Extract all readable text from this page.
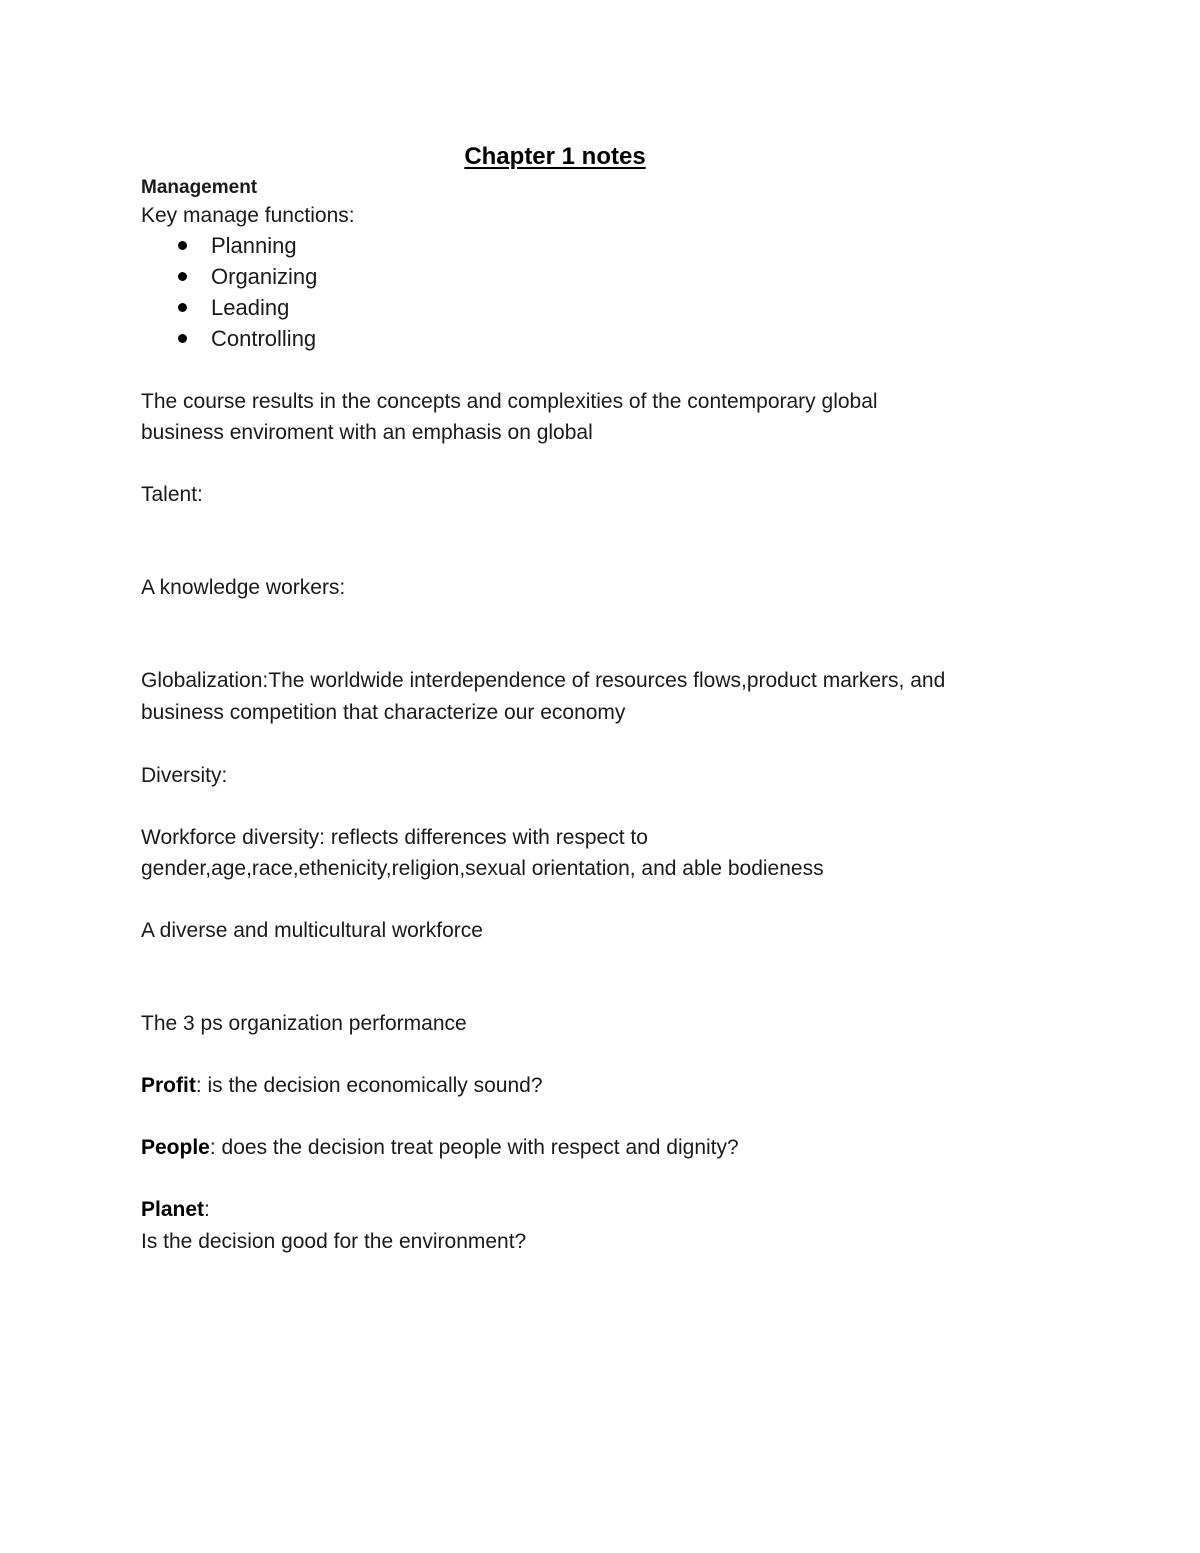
Chapter 1 notes

Management

Key manage functions:

Planning
Organizing
Leading
Controlling

The course results in the concepts and complexities of the contemporary global

business enviroment with an emphasis on global

Talent:

A knowledge workers:

Globalization:The worldwide interdependence of resources flows,product markers, and

business competition that characterize our economy

Diversity:

Workforce diversity: reflects differences with respect to

gender,age,race,ethenicity,religion,sexual orientation, and able bodieness

A diverse and multicultural workforce

The 3 ps organization performance

Profit: is the decision economically sound?

People: does the decision treat people with respect and dignity?

Planet:

Is the decision good for the environment?
